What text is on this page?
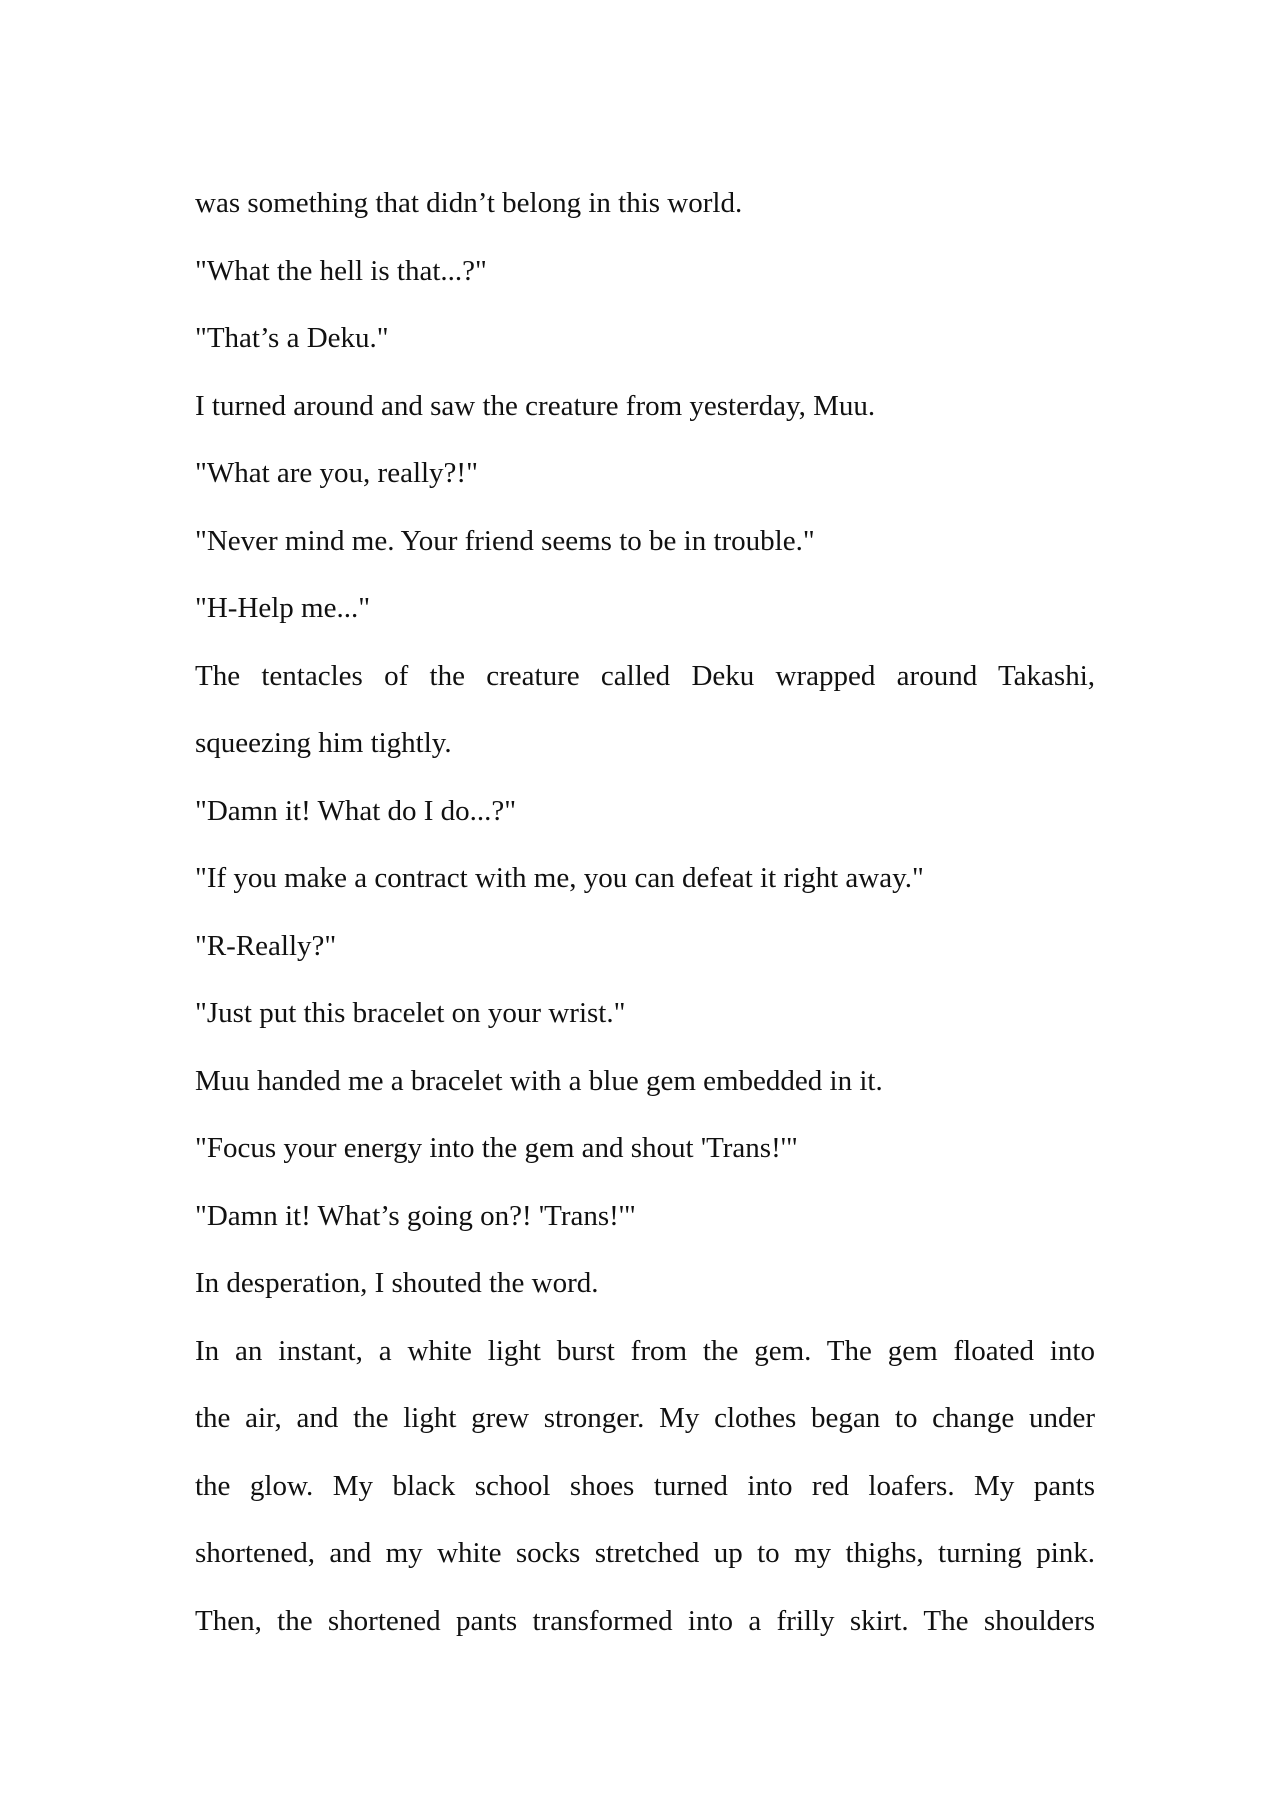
was something that didn’t belong in this world.
"What the hell is that...?"
"That’s a Deku."
I turned around and saw the creature from yesterday, Muu.
"What are you, really?!"
"Never mind me. Your friend seems to be in trouble."
"H-Help me..."
The tentacles of the creature called Deku wrapped around Takashi,
squeezing him tightly.
"Damn it! What do I do...?"
"If you make a contract with me, you can defeat it right away."
"R-Really?"
"Just put this bracelet on your wrist."
Muu handed me a bracelet with a blue gem embedded in it.
"Focus your energy into the gem and shout 'Trans!'"
"Damn it! What’s going on?! 'Trans!'"
In desperation, I shouted the word.
In an instant, a white light burst from the gem. The gem floated into
the air, and the light grew stronger. My clothes began to change under
the glow. My black school shoes turned into red loafers. My pants
shortened, and my white socks stretched up to my thighs, turning pink.
Then, the shortened pants transformed into a frilly skirt. The shoulders
